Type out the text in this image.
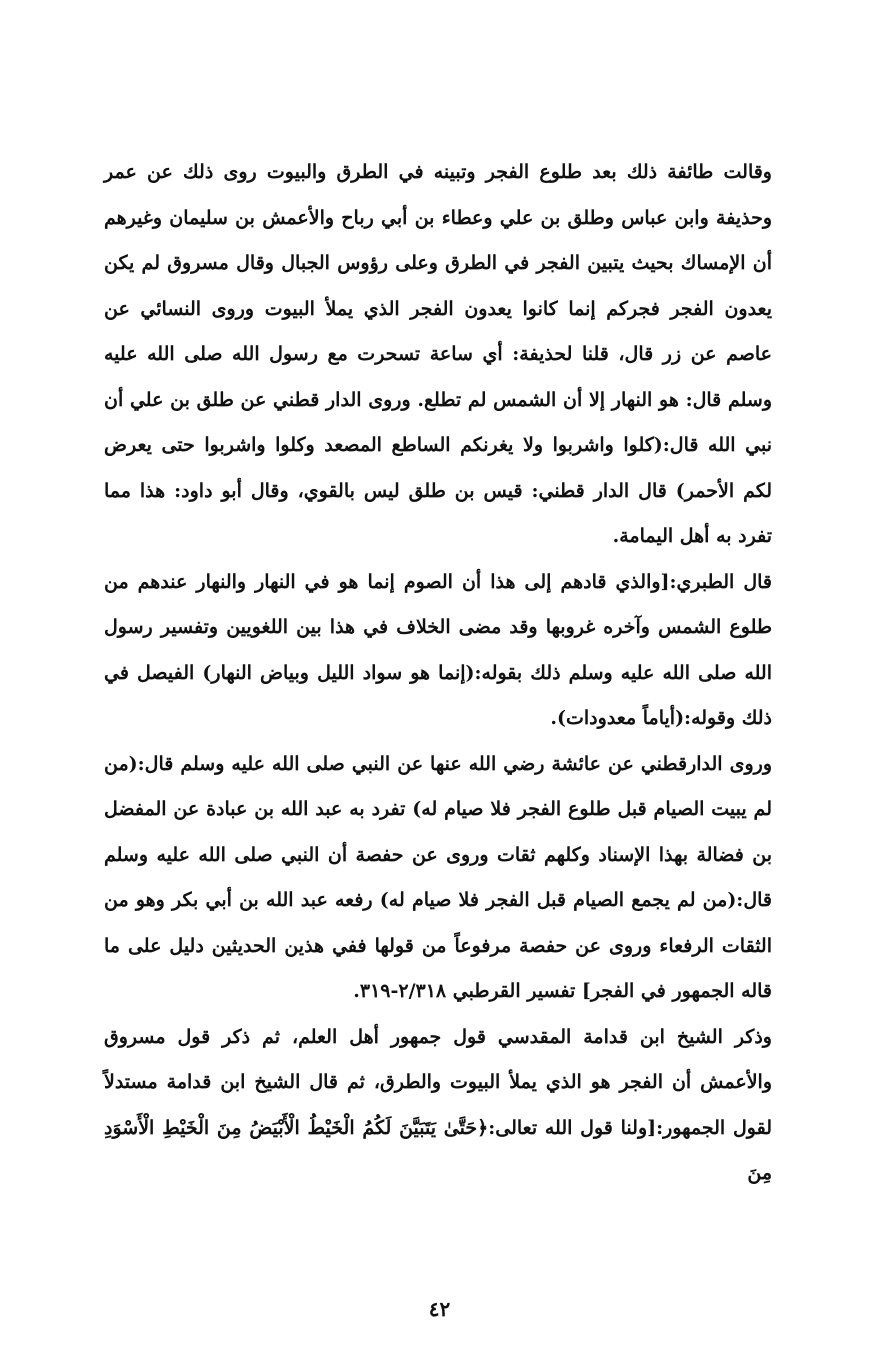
وقالت طائفة ذلك بعد طلوع الفجر وتبينه في الطرق والبيوت روى ذلك عن عمر وحذيفة وابن عباس وطلق بن علي وعطاء بن أبي رباح والأعمش بن سليمان وغيرهم أن الإمساك بحيث يتبين الفجر في الطرق وعلى رؤوس الجبال وقال مسروق لم يكن يعدون الفجر فجركم إنما كانوا يعدون الفجر الذي يملأ البيوت وروى النسائي عن عاصم عن زر قال، قلنا لحذيفة: أي ساعة تسحرت مع رسول الله صلى الله عليه وسلم قال: هو النهار إلا أن الشمس لم تطلع. وروى الدار قطني عن طلق بن علي أن نبي الله قال:(كلوا واشربوا ولا يغرنكم الساطع المصعد وكلوا واشربوا حتى يعرض لكم الأحمر) قال الدار قطني: قيس بن طلق ليس بالقوي، وقال أبو داود: هذا مما تفرد به أهل اليمامة.

قال الطبري:[والذي قادهم إلى هذا أن الصوم إنما هو في النهار والنهار عندهم من طلوع الشمس وآخره غروبها وقد مضى الخلاف في هذا بين اللغويين وتفسير رسول الله صلى الله عليه وسلم ذلك بقوله:(إنما هو سواد الليل وبياض النهار) الفيصل في ذلك وقوله:(أياماً معدودات).

وروى الدارقطني عن عائشة رضي الله عنها عن النبي صلى الله عليه وسلم قال:(من لم يبيت الصيام قبل طلوع الفجر فلا صيام له) تفرد به عبد الله بن عبادة عن المفضل بن فضالة بهذا الإسناد وكلهم ثقات وروى عن حفصة أن النبي صلى الله عليه وسلم قال:(من لم يجمع الصيام قبل الفجر فلا صيام له) رفعه عبد الله بن أبي بكر وهو من الثقات الرفعاء وروى عن حفصة مرفوعاً من قولها ففي هذين الحديثين دليل على ما قاله الجمهور في الفجر] تفسير القرطبي ٢/٣١٨-٣١٩.

وذكر الشيخ ابن قدامة المقدسي قول جمهور أهل العلم، ثم ذكر قول مسروق والأعمش أن الفجر هو الذي يملأ البيوت والطرق، ثم قال الشيخ ابن قدامة مستدلاً لقول الجمهور:[ولنا قول الله تعالى:﴿حَتَّىٰ يَتَبَيَّنَ لَكُمُ الْخَيْطُ الْأَبْيَضُ مِنَ الْخَيْطِ الْأَسْوَدِ مِنَ

٤٢
